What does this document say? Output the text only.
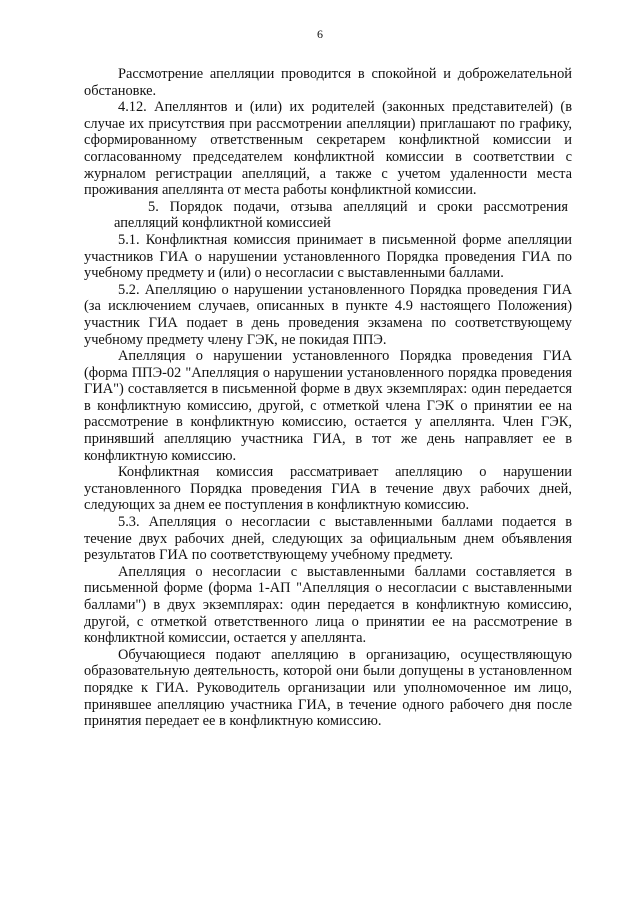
6

Рассмотрение апелляции проводится в спокойной и доброжелательной обстановке.

4.12. Апеллянтов и (или) их родителей (законных представителей) (в случае их присутствия при рассмотрении апелляции) приглашают по графику, сформированному ответственным секретарем конфликтной комиссии и согласованному председателем конфликтной комиссии в соответствии с журналом регистрации апелляций, а также с учетом удаленности места проживания апеллянта от места работы конфликтной комиссии.

5. Порядок подачи, отзыва апелляций и сроки рассмотрения апелляций конфликтной комиссией

5.1. Конфликтная комиссия принимает в письменной форме апелляции участников ГИА о нарушении установленного Порядка проведения ГИА по учебному предмету и (или) о несогласии с выставленными баллами.

5.2. Апелляцию о нарушении установленного Порядка проведения ГИА (за исключением случаев, описанных в пункте 4.9 настоящего Положения) участник ГИА подает в день проведения экзамена по соответствующему учебному предмету члену ГЭК, не покидая ППЭ.

Апелляция о нарушении установленного Порядка проведения ГИА (форма ППЭ-02 "Апелляция о нарушении установленного порядка проведения ГИА") составляется в письменной форме в двух экземплярах: один передается в конфликтную комиссию, другой, с отметкой члена ГЭК о принятии ее на рассмотрение в конфликтную комиссию, остается у апеллянта. Член ГЭК, принявший апелляцию участника ГИА, в тот же день направляет ее в конфликтную комиссию.

Конфликтная комиссия рассматривает апелляцию о нарушении установленного Порядка проведения ГИА в течение двух рабочих дней, следующих за днем ее поступления в конфликтную комиссию.

5.3. Апелляция о несогласии с выставленными баллами подается в течение двух рабочих дней, следующих за официальным днем объявления результатов ГИА по соответствующему учебному предмету.

Апелляция о несогласии с выставленными баллами составляется в письменной форме (форма 1-АП "Апелляция о несогласии с выставленными баллами") в двух экземплярах: один передается в конфликтную комиссию, другой, с отметкой ответственного лица о принятии ее на рассмотрение в конфликтной комиссии, остается у апеллянта.

Обучающиеся подают апелляцию в организацию, осуществляющую образовательную деятельность, которой они были допущены в установленном порядке к ГИА. Руководитель организации или уполномоченное им лицо, принявшее апелляцию участника ГИА, в течение одного рабочего дня после принятия передает ее в конфликтную комиссию.
